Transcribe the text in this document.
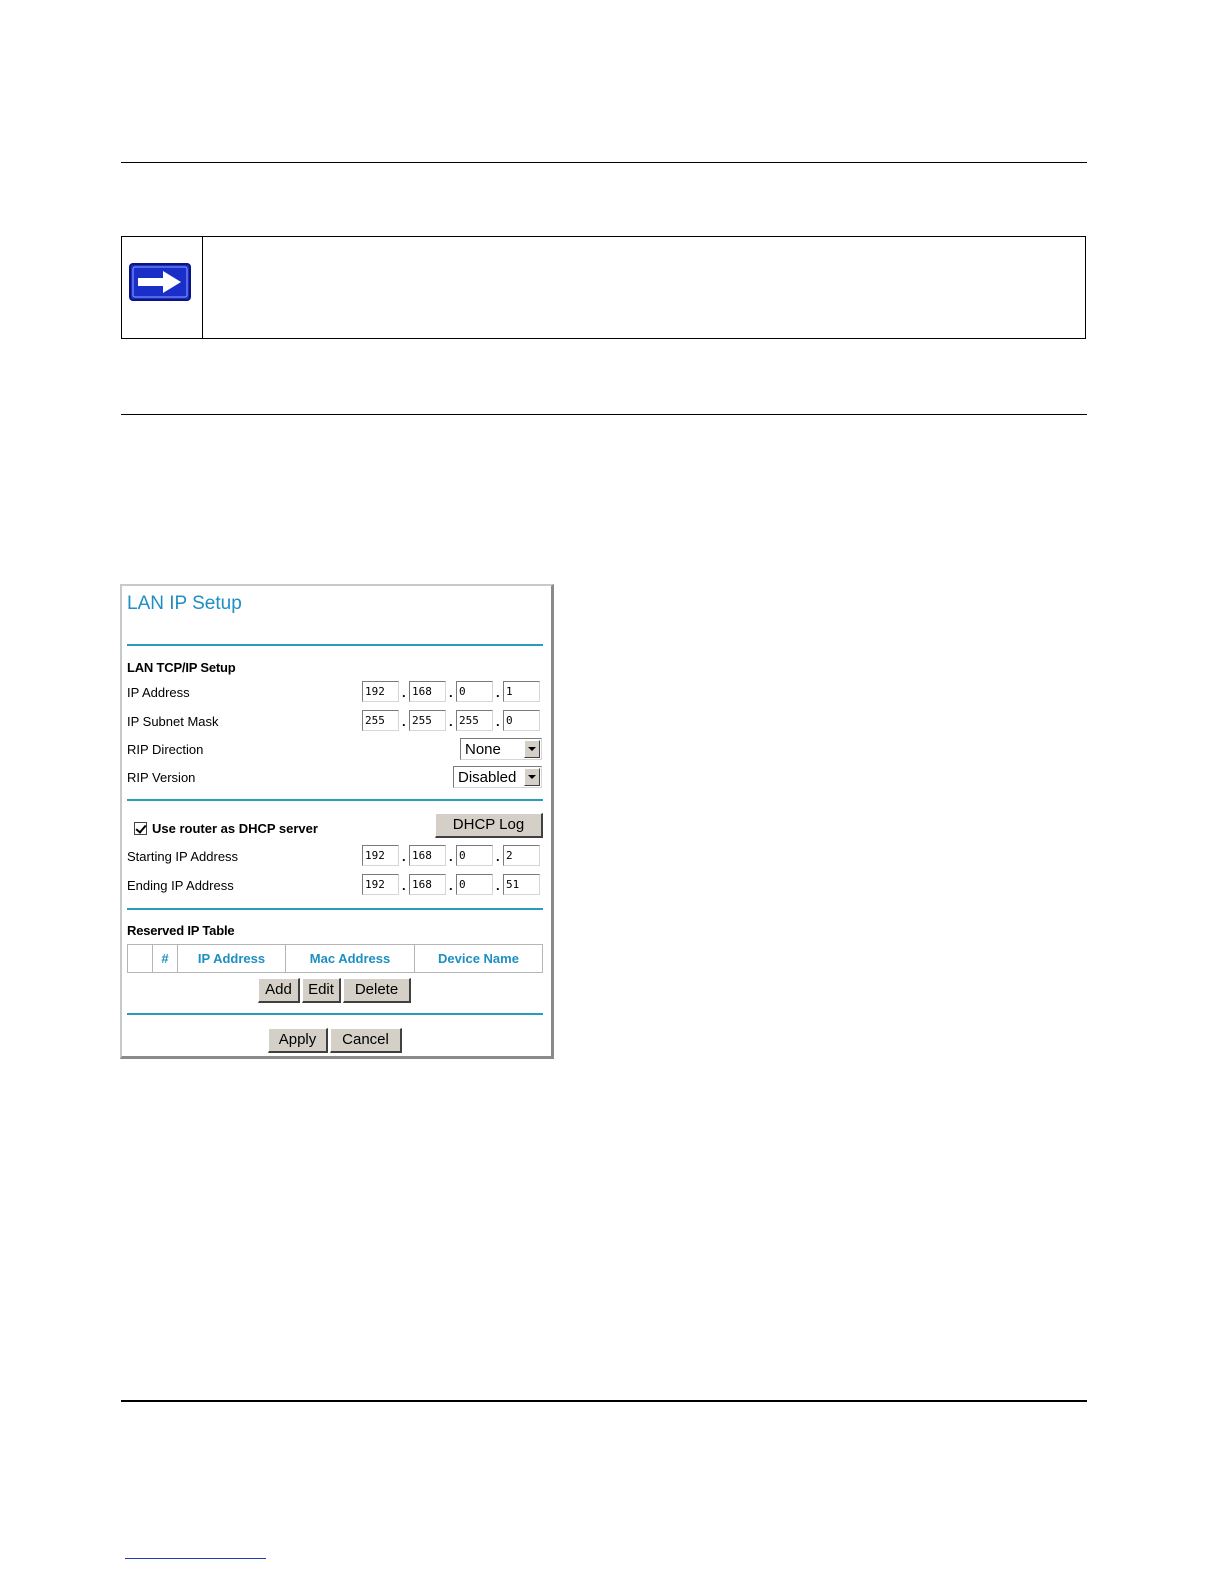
LAN IP Setup
LAN TCP/IP Setup
IP Address	192	. 168	. 0	. 1
IP Subnet Mask	255	. 255	. 255	. 0
RIP Direction	None
RIP Version	Disabled
Use router as DHCP server	DHCP Log
Starting IP Address	192	. 168	. 0	. 2
Ending IP Address	192	. 168	. 0	. 51
Reserved IP Table
	#	IP Address	Mac Address	Device Name
Add	Edit	Delete
Apply	Cancel
